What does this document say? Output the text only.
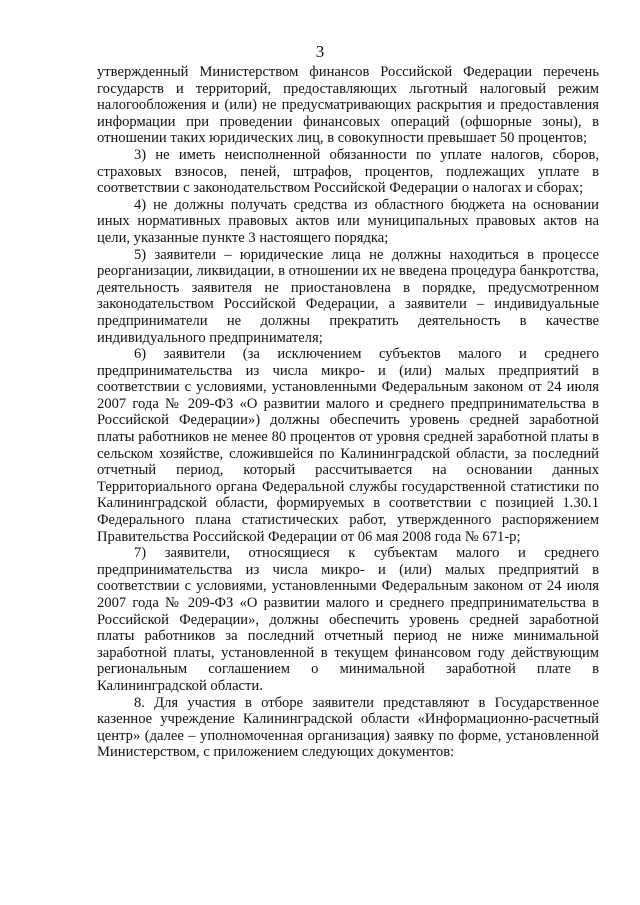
3

утвержденный Министерством финансов Российской Федерации перечень государств и территорий, предоставляющих льготный налоговый режим налогообложения и (или) не предусматривающих раскрытия и предоставления информации при проведении финансовых операций (офшорные зоны), в отношении таких юридических лиц, в совокупности превышает 50 процентов;

3) не иметь неисполненной обязанности по уплате налогов, сборов, страховых взносов, пеней, штрафов, процентов, подлежащих уплате в соответствии с законодательством Российской Федерации о налогах и сборах;

4) не должны получать средства из областного бюджета на основании иных нормативных правовых актов или муниципальных правовых актов на цели, указанные пункте 3 настоящего порядка;

5) заявители – юридические лица не должны находиться в процессе реорганизации, ликвидации, в отношении их не введена процедура банкротства, деятельность заявителя не приостановлена в порядке, предусмотренном законодательством Российской Федерации, а заявители – индивидуальные предприниматели не должны прекратить деятельность в качестве индивидуального предпринимателя;

6) заявители (за исключением субъектов малого и среднего предпринимательства из числа микро- и (или) малых предприятий в соответствии с условиями, установленными Федеральным законом от 24 июля 2007 года № 209-ФЗ «О развитии малого и среднего предпринимательства в Российской Федерации») должны обеспечить уровень средней заработной платы работников не менее 80 процентов от уровня средней заработной платы в сельском хозяйстве, сложившейся по Калининградской области, за последний отчетный период, который рассчитывается на основании данных Территориального органа Федеральной службы государственной статистики по Калининградской области, формируемых в соответствии с позицией 1.30.1 Федерального плана статистических работ, утвержденного распоряжением Правительства Российской Федерации от 06 мая 2008 года № 671-р;

7) заявители, относящиеся к субъектам малого и среднего предпринимательства из числа микро- и (или) малых предприятий в соответствии с условиями, установленными Федеральным законом от 24 июля 2007 года № 209-ФЗ «О развитии малого и среднего предпринимательства в Российской Федерации», должны обеспечить уровень средней заработной платы работников за последний отчетный период не ниже минимальной заработной платы, установленной в текущем финансовом году действующим региональным соглашением о минимальной заработной плате в Калининградской области.

8. Для участия в отборе заявители представляют в Государственное казенное учреждение Калининградской области «Информационно-расчетный центр» (далее – уполномоченная организация) заявку по форме, установленной Министерством, с приложением следующих документов:
